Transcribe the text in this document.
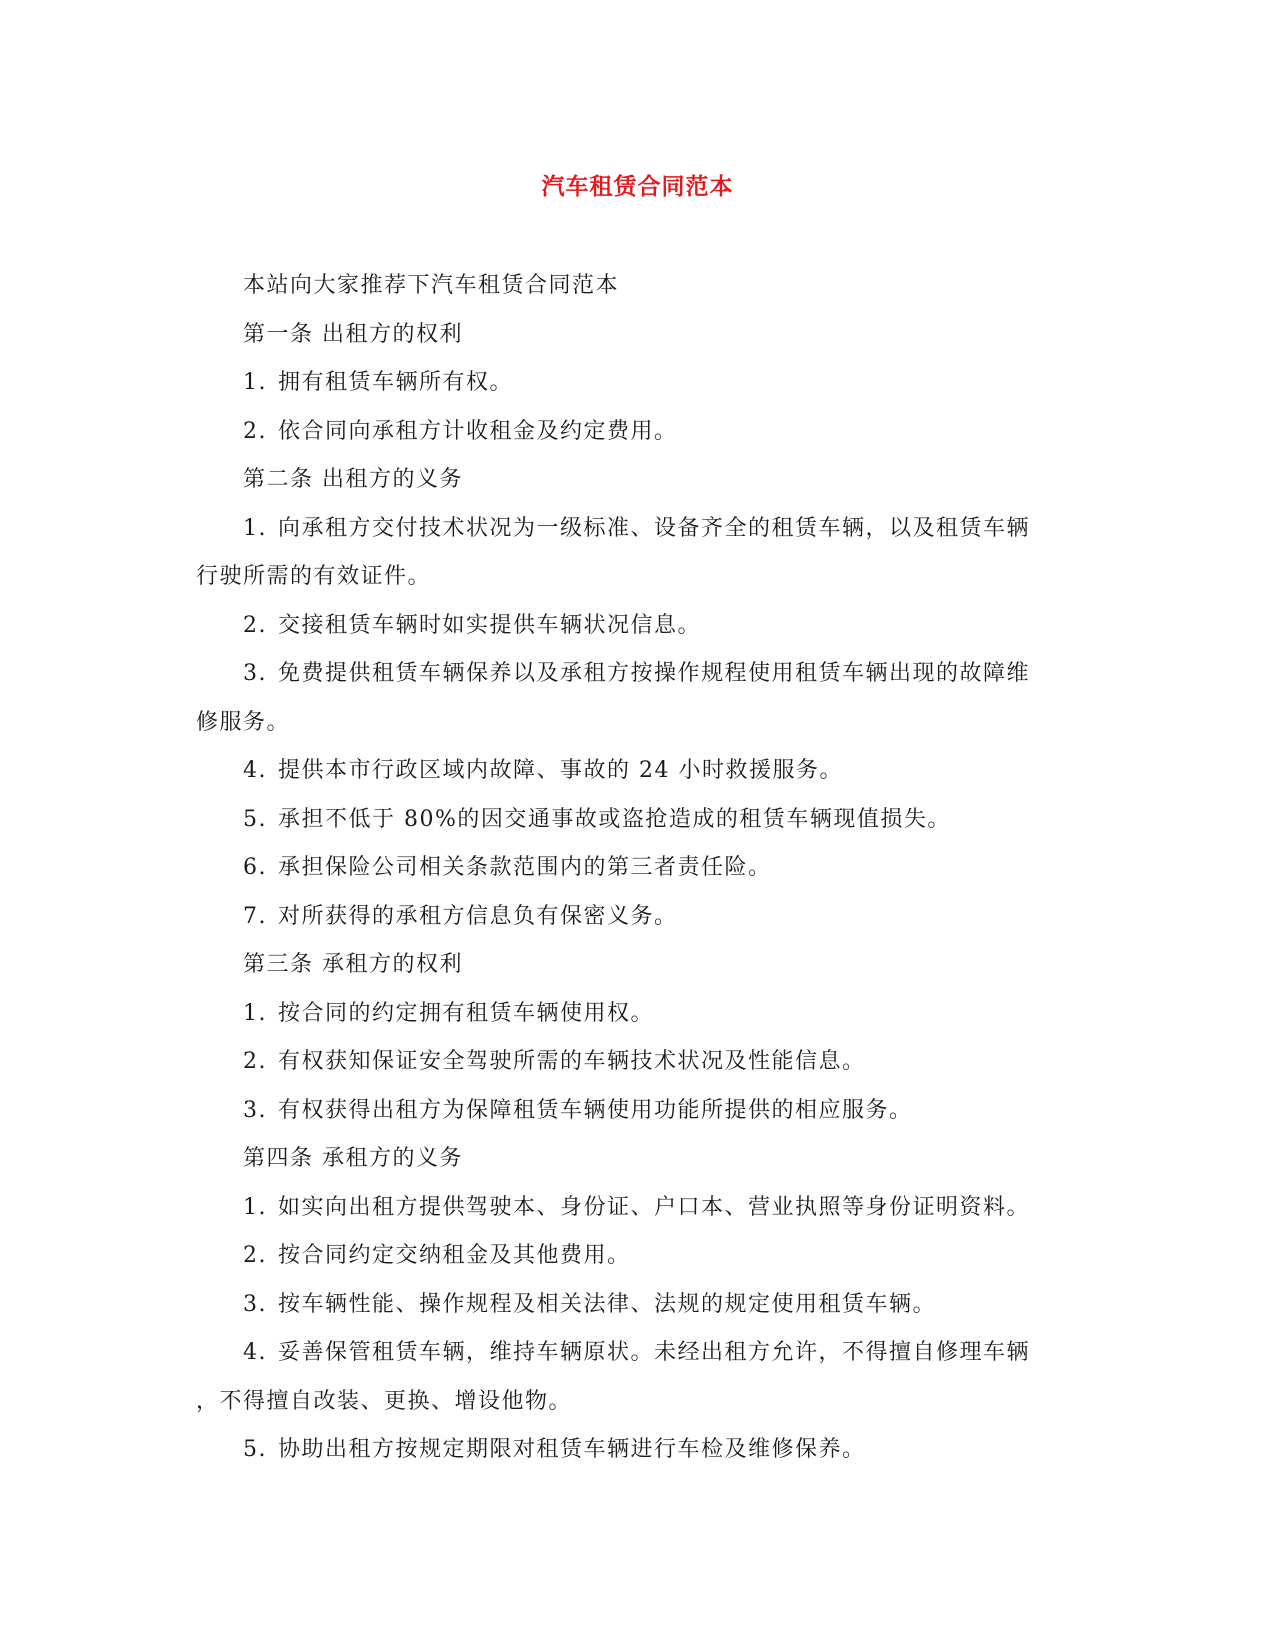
汽车租赁合同范本
本站向大家推荐下汽车租赁合同范本
第一条 出租方的权利
1. 拥有租赁车辆所有权。
2. 依合同向承租方计收租金及约定费用。
第二条 出租方的义务
1. 向承租方交付技术状况为一级标准、设备齐全的租赁车辆，以及租赁车辆
行驶所需的有效证件。
2. 交接租赁车辆时如实提供车辆状况信息。
3. 免费提供租赁车辆保养以及承租方按操作规程使用租赁车辆出现的故障维
修服务。
4. 提供本市行政区域内故障、事故的 24 小时救援服务。
5. 承担不低于 80%的因交通事故或盗抢造成的租赁车辆现值损失。
6. 承担保险公司相关条款范围内的第三者责任险。
7. 对所获得的承租方信息负有保密义务。
第三条 承租方的权利
1. 按合同的约定拥有租赁车辆使用权。
2. 有权获知保证安全驾驶所需的车辆技术状况及性能信息。
3. 有权获得出租方为保障租赁车辆使用功能所提供的相应服务。
第四条 承租方的义务
1. 如实向出租方提供驾驶本、身份证、户口本、营业执照等身份证明资料。
2. 按合同约定交纳租金及其他费用。
3. 按车辆性能、操作规程及相关法律、法规的规定使用租赁车辆。
4. 妥善保管租赁车辆，维持车辆原状。未经出租方允许，不得擅自修理车辆
，不得擅自改装、更换、增设他物。
5. 协助出租方按规定期限对租赁车辆进行车检及维修保养。
